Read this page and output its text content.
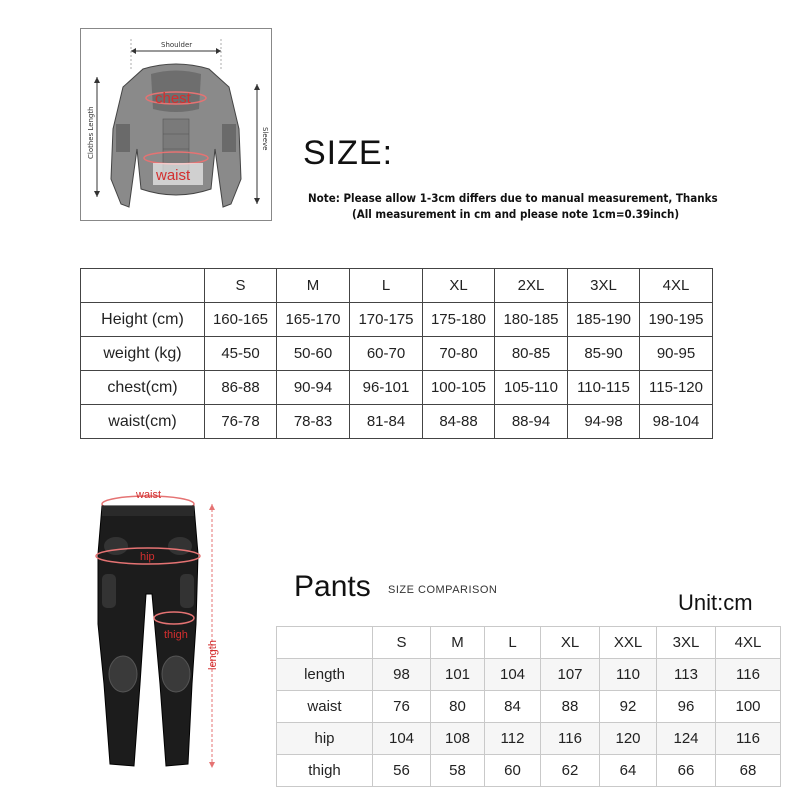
Shoulder
chest
waist
Clothes Length	Sleeve SIZE:
Note: Please allow 1-3cm differs due to manual measurement, Thanks
(All measurement in cm and please note 1cm=0.39inch)
	S	M	L	XL	2XL	3XL	4XL
Height (cm)	160-165	165-170	170-175	175-180	180-185	185-190	190-195
weight (kg)	45-50	50-60	60-70	70-80	80-85	85-90	90-95
chest(cm)	86-88	90-94	96-101	100-105	105-110	110-115	115-120
waist(cm)	76-78	78-83	81-84	84-88	88-94	94-98	98-104
waist
hip
thigh
length
Pants SIZE COMPARISON	Unit:cm
	S	M	L	XL	XXL	3XL	4XL
length	98	101	104	107	110	113	116
waist	76	80	84	88	92	96	100
hip	104	108	112	116	120	124	116
thigh	56	58	60	62	64	66	68
